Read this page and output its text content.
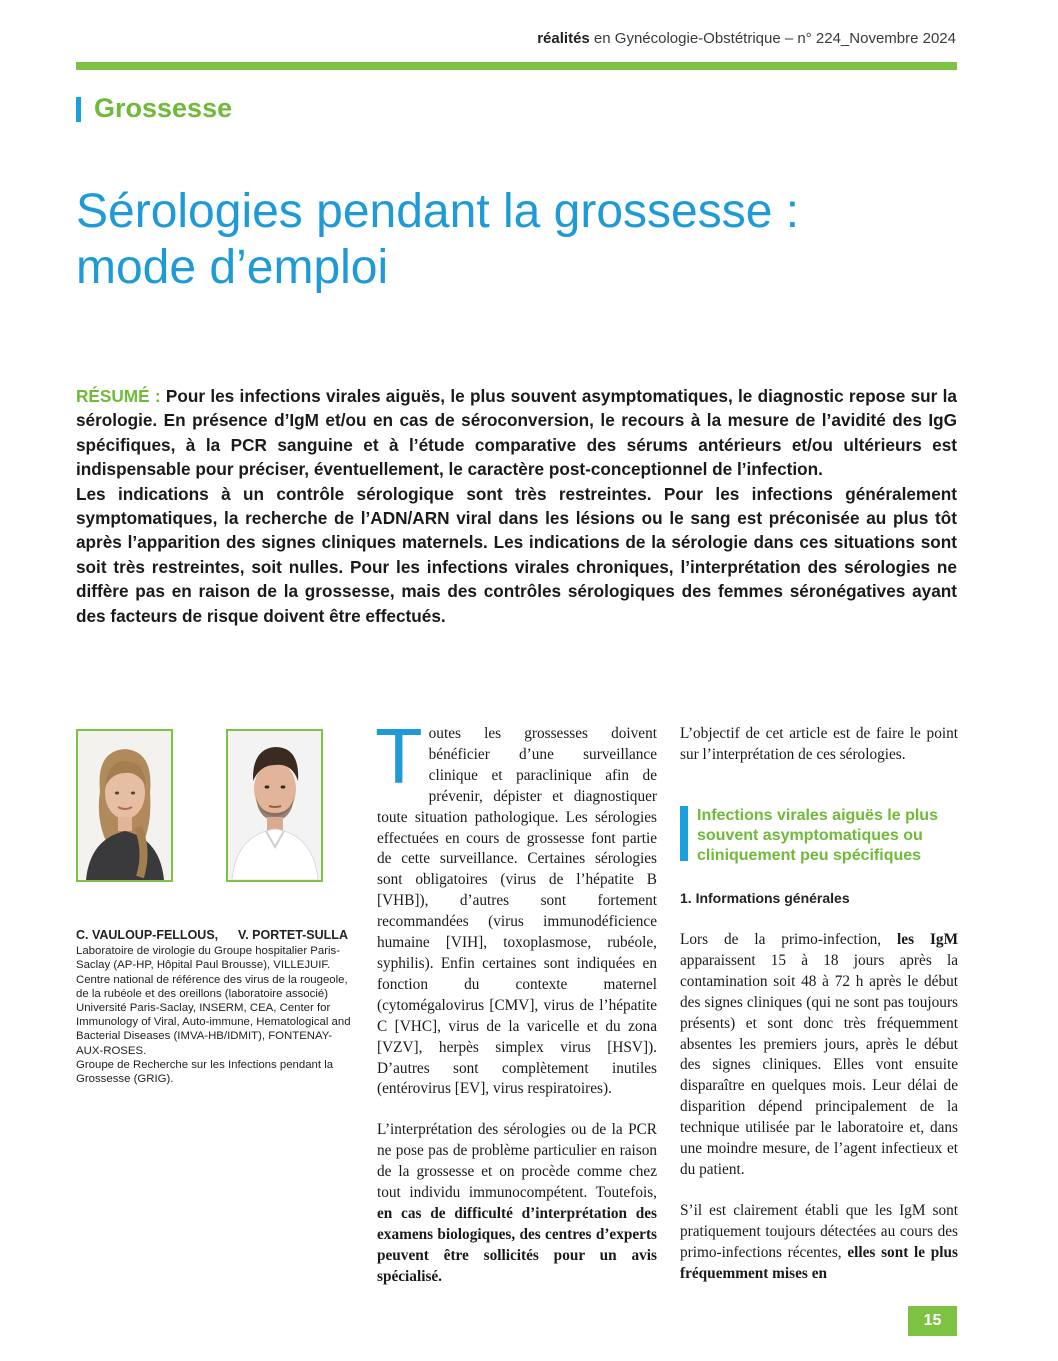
réalités en Gynécologie-Obstétrique – n° 224_Novembre 2024
Grossesse
Sérologies pendant la grossesse :
mode d’emploi

RÉSUMÉ : Pour les infections virales aiguës, le plus souvent asymptomatiques, le diagnostic repose sur la sérologie. En présence d’IgM et/ou en cas de séroconversion, le recours à la mesure de l’avidité des IgG spécifiques, à la PCR sanguine et à l’étude comparative des sérums antérieurs et/ou ultérieurs est indispensable pour préciser, éventuellement, le caractère post-conceptionnel de l’infection.

Les indications à un contrôle sérologique sont très restreintes. Pour les infections généralement symptomatiques, la recherche de l’ADN/ARN viral dans les lésions ou le sang est préconisée au plus tôt après l’apparition des signes cliniques maternels. Les indications de la sérologie dans ces situations sont soit très restreintes, soit nulles. Pour les infections virales chroniques, l’interprétation des sérologies ne diffère pas en raison de la grossesse, mais des contrôles sérologiques des femmes séronégatives ayant des facteurs de risque doivent être effectués.

C. VAULOUP-FELLOUS, V. PORTET-SULLA

Laboratoire de virologie du Groupe hospitalier Paris-Saclay (AP-HP, Hôpital Paul Brousse), VILLEJUIF.

Centre national de référence des virus de la rougeole, de la rubéole et des oreillons (laboratoire associé)

Université Paris-Saclay, INSERM, CEA, Center for Immunology of Viral, Auto-immune, Hematological and Bacterial Diseases (IMVA-HB/IDMIT), FONTENAY-AUX-ROSES.

Groupe de Recherche sur les Infections pendant la Grossesse (GRIG).

Toutes les grossesses doivent bénéficier d’une surveillance clinique et paraclinique afin de prévenir, dépister et diagnostiquer toute situation pathologique. Les sérologies effectuées en cours de grossesse font partie de cette surveillance. Certaines sérologies sont obligatoires (virus de l’hépatite B [VHB]), d’autres sont fortement recommandées (virus immunodéficience humaine [VIH], toxoplasmose, rubéole, syphilis). Enfin certaines sont indiquées en fonction du contexte maternel (cytomégalovirus [CMV], virus de l’hépatite C [VHC], virus de la varicelle et du zona [VZV], herpès simplex virus [HSV]). D’autres sont complètement inutiles (entérovirus [EV], virus respiratoires).

L’interprétation des sérologies ou de la PCR ne pose pas de problème particulier en raison de la grossesse et on procède comme chez tout individu immunocompétent. Toutefois, en cas de difficulté d’interprétation des examens biologiques, des centres d’experts peuvent être sollicités pour un avis spécialisé.

L’objectif de cet article est de faire le point sur l’interprétation de ces sérologies.

Infections virales aiguës le plus souvent asymptomatiques ou cliniquement peu spécifiques
1. Informations générales

Lors de la primo-infection, les IgM apparaissent 15 à 18 jours après la contamination soit 48 à 72 h après le début des signes cliniques (qui ne sont pas toujours présents) et sont donc très fréquemment absentes les premiers jours, après le début des signes cliniques. Elles vont ensuite disparaître en quelques mois. Leur délai de disparition dépend principalement de la technique utilisée par le laboratoire et, dans une moindre mesure, de l’agent infectieux et du patient.

S’il est clairement établi que les IgM sont pratiquement toujours détectées au cours des primo-infections récentes, elles sont le plus fréquemment mises en

15
